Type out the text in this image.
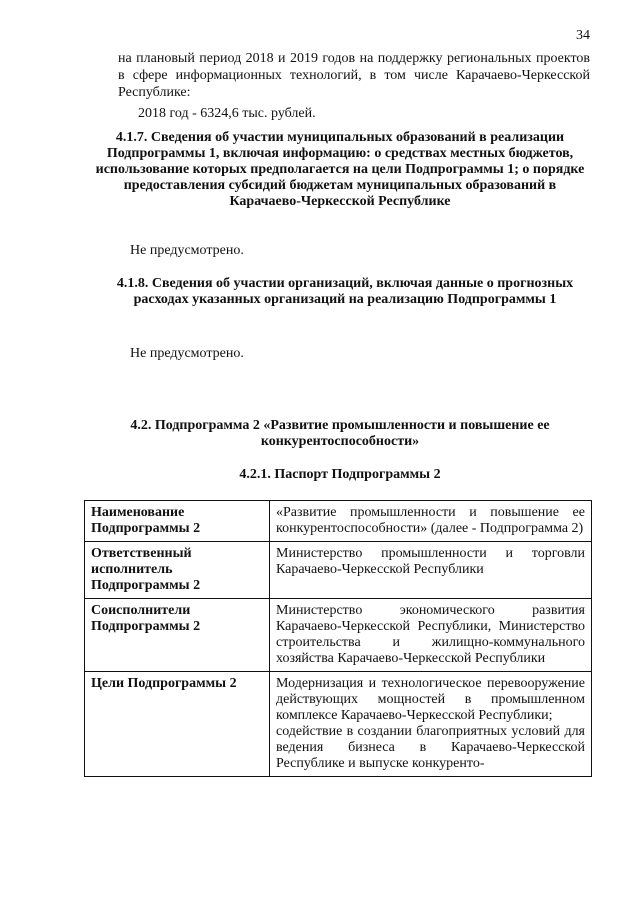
34
на плановый период 2018 и 2019 годов на поддержку региональных проектов в сфере информационных технологий, в том числе Карачаево-Черкесской Республике:
2018 год - 6324,6 тыс. рублей.
4.1.7. Сведения об участии муниципальных образований в реализации Подпрограммы 1, включая информацию: о средствах местных бюджетов, использование которых предполагается на цели Подпрограммы 1; о порядке предоставления субсидий бюджетам муниципальных образований в Карачаево-Черкесской Республике
Не предусмотрено.
4.1.8. Сведения об участии организаций, включая данные о прогнозных расходах указанных организаций на реализацию Подпрограммы 1
Не предусмотрено.
4.2. Подпрограмма 2 «Развитие промышленности и повышение ее конкурентоспособности»
4.2.1. Паспорт Подпрограммы 2
Наименование Подпрограммы 2	«Развитие промышленности и повышение ее конкурентоспособности» (далее - Подпрограмма 2)
Ответственный исполнитель Подпрограммы 2	Министерство промышленности и торговли Карачаево-Черкесской Республики
Соисполнители Подпрограммы 2	Министерство экономического развития Карачаево-Черкесской Республики, Министерство строительства и жилищно-коммунального хозяйства Карачаево-Черкесской Республики
Цели Подпрограммы 2	Модернизация и технологическое перевооружение действующих мощностей в промышленном комплексе Карачаево-Черкесской Республики;
содействие в создании благоприятных условий для ведения бизнеса в Карачаево-Черкесской Республике и выпуске конкуренто-
